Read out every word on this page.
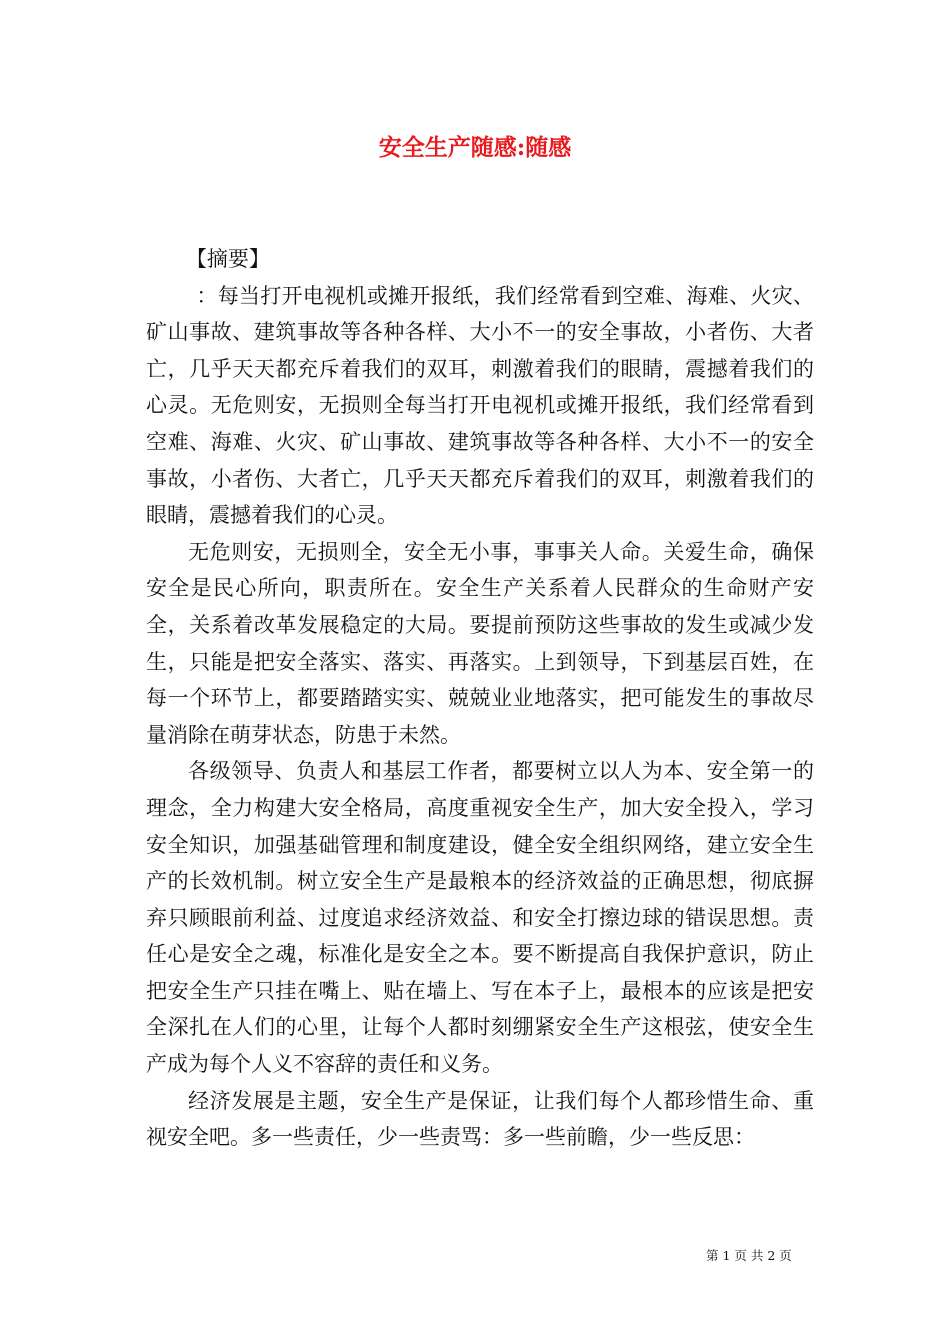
安全生产随感:随感

【摘要】

：每当打开电视机或摊开报纸，我们经常看到空难、海难、火灾、矿山事故、建筑事故等各种各样、大小不一的安全事故，小者伤、大者亡，几乎天天都充斥着我们的双耳，刺激着我们的眼睛，震撼着我们的心灵。无危则安，无损则全每当打开电视机或摊开报纸，我们经常看到空难、海难、火灾、矿山事故、建筑事故等各种各样、大小不一的安全事故，小者伤、大者亡，几乎天天都充斥着我们的双耳，刺激着我们的眼睛，震撼着我们的心灵。

无危则安，无损则全，安全无小事，事事关人命。关爱生命，确保安全是民心所向，职责所在。安全生产关系着人民群众的生命财产安全，关系着改革发展稳定的大局。要提前预防这些事故的发生或减少发生，只能是把安全落实、落实、再落实。上到领导，下到基层百姓，在每一个环节上，都要踏踏实实、兢兢业业地落实，把可能发生的事故尽量消除在萌芽状态，防患于未然。

各级领导、负责人和基层工作者，都要树立以人为本、安全第一的理念，全力构建大安全格局，高度重视安全生产，加大安全投入，学习安全知识，加强基础管理和制度建设，健全安全组织网络，建立安全生产的长效机制。树立安全生产是最粮本的经济效益的正确思想，彻底摒弃只顾眼前利益、过度追求经济效益、和安全打擦边球的错误思想。责任心是安全之魂，标准化是安全之本。要不断提高自我保护意识，防止把安全生产只挂在嘴上、贴在墙上、写在本子上，最根本的应该是把安全深扎在人们的心里，让每个人都时刻绷紧安全生产这根弦，使安全生产成为每个人义不容辞的责任和义务。

经济发展是主题，安全生产是保证，让我们每个人都珍惜生命、重视安全吧。多一些责任，少一些责骂：多一些前瞻，少一些反思：

第 1 页 共 2 页
